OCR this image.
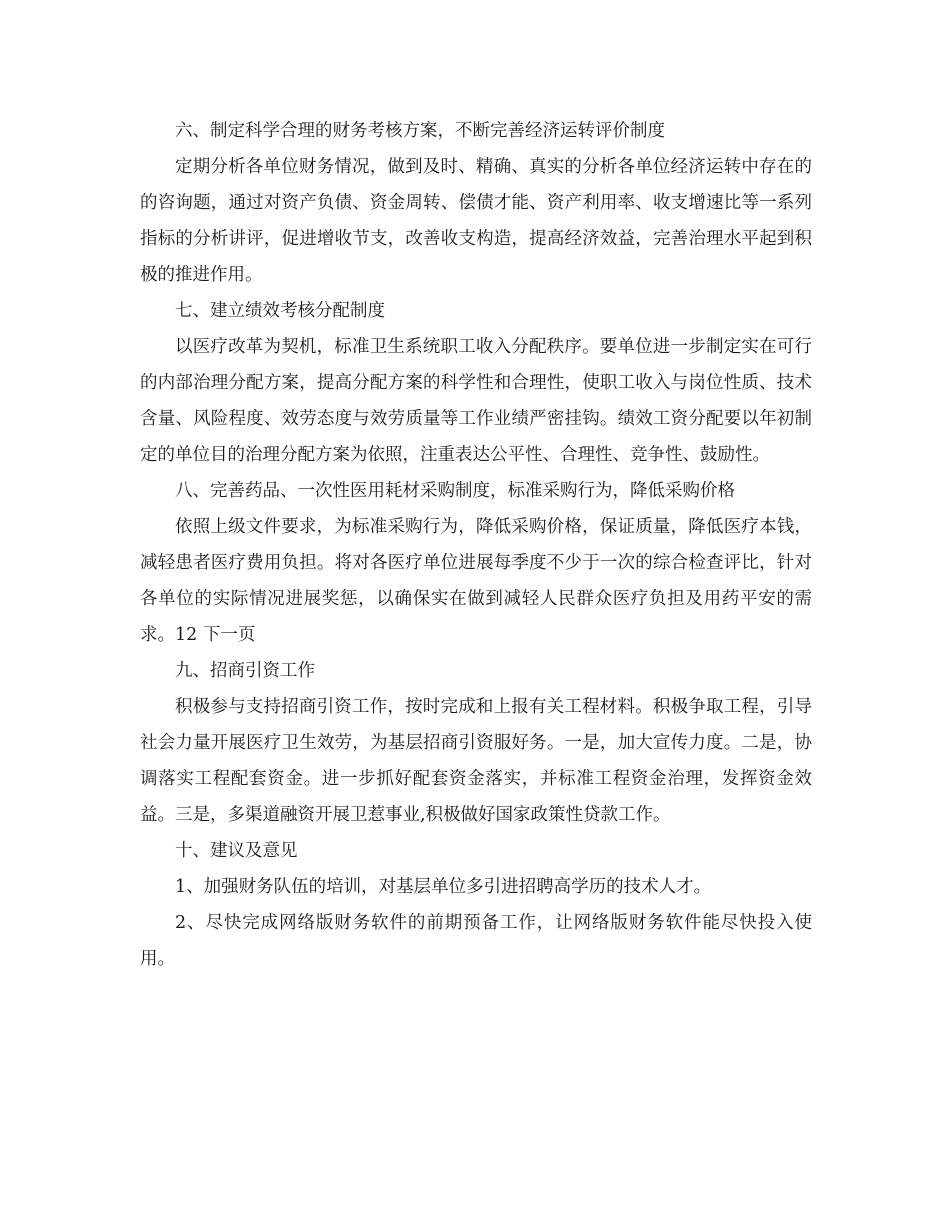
六、制定科学合理的财务考核方案，不断完善经济运转评价制度

定期分析各单位财务情况，做到及时、精确、真实的分析各单位经济运转中存在的的咨询题，通过对资产负债、资金周转、偿债才能、资产利用率、收支增速比等一系列指标的分析讲评，促进增收节支，改善收支构造，提高经济效益，完善治理水平起到积极的推进作用。

七、建立绩效考核分配制度

以医疗改革为契机，标准卫生系统职工收入分配秩序。要单位进一步制定实在可行的内部治理分配方案，提高分配方案的科学性和合理性，使职工收入与岗位性质、技术含量、风险程度、效劳态度与效劳质量等工作业绩严密挂钩。绩效工资分配要以年初制定的单位目的治理分配方案为依照，注重表达公平性、合理性、竞争性、鼓励性。

八、完善药品、一次性医用耗材采购制度，标准采购行为，降低采购价格

依照上级文件要求，为标准采购行为，降低采购价格，保证质量，降低医疗本钱，减轻患者医疗费用负担。将对各医疗单位进展每季度不少于一次的综合检查评比，针对各单位的实际情况进展奖惩，以确保实在做到减轻人民群众医疗负担及用药平安的需求。12 下一页

九、招商引资工作

积极参与支持招商引资工作，按时完成和上报有关工程材料。积极争取工程，引导社会力量开展医疗卫生效劳，为基层招商引资服好务。一是，加大宣传力度。二是，协调落实工程配套资金。进一步抓好配套资金落实，并标准工程资金治理，发挥资金效益。三是，多渠道融资开展卫惹事业,积极做好国家政策性贷款工作。

十、建议及意见

1、加强财务队伍的培训，对基层单位多引进招聘高学历的技术人才。

2、尽快完成网络版财务软件的前期预备工作，让网络版财务软件能尽快投入使用。
